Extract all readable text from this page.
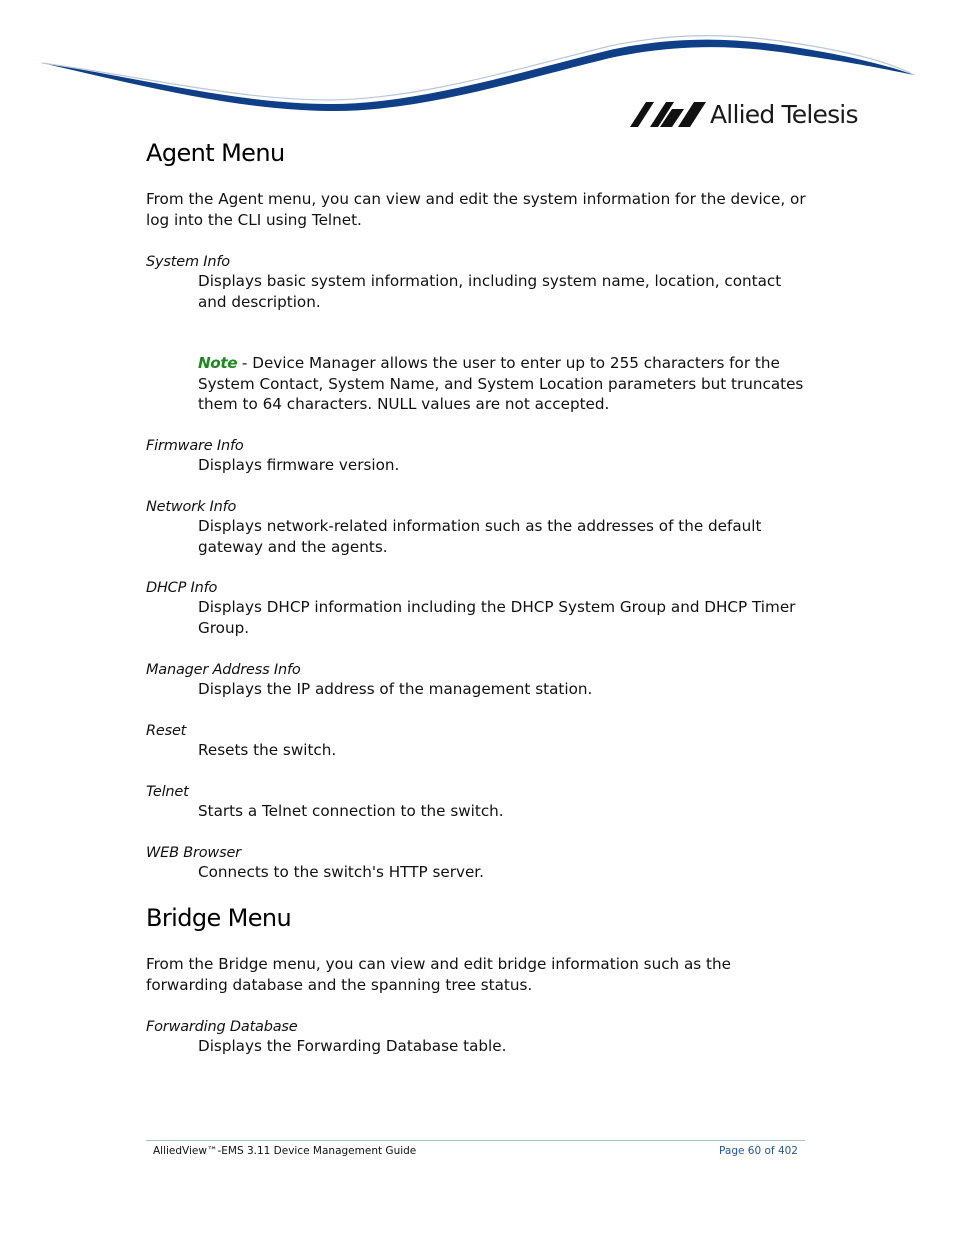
Allied Telesis
Agent Menu

From the Agent menu, you can view and edit the system information for the device, or log into the CLI using Telnet.

System Info

Displays basic system information, including system name, location, contact and description.

Note - Device Manager allows the user to enter up to 255 characters for the System Contact, System Name, and System Location parameters but truncates them to 64 characters. NULL values are not accepted.

Firmware Info

Displays firmware version.

Network Info

Displays network-related information such as the addresses of the default gateway and the agents.

DHCP Info

Displays DHCP information including the DHCP System Group and DHCP Timer Group.

Manager Address Info

Displays the IP address of the management station.

Reset

Resets the switch.

Telnet

Starts a Telnet connection to the switch.

WEB Browser

Connects to the switch's HTTP server.

Bridge Menu

From the Bridge menu, you can view and edit bridge information such as the forwarding database and the spanning tree status.

Forwarding Database

Displays the Forwarding Database table.

AlliedView™-EMS 3.11 Device Management Guide	Page 60 of 402
